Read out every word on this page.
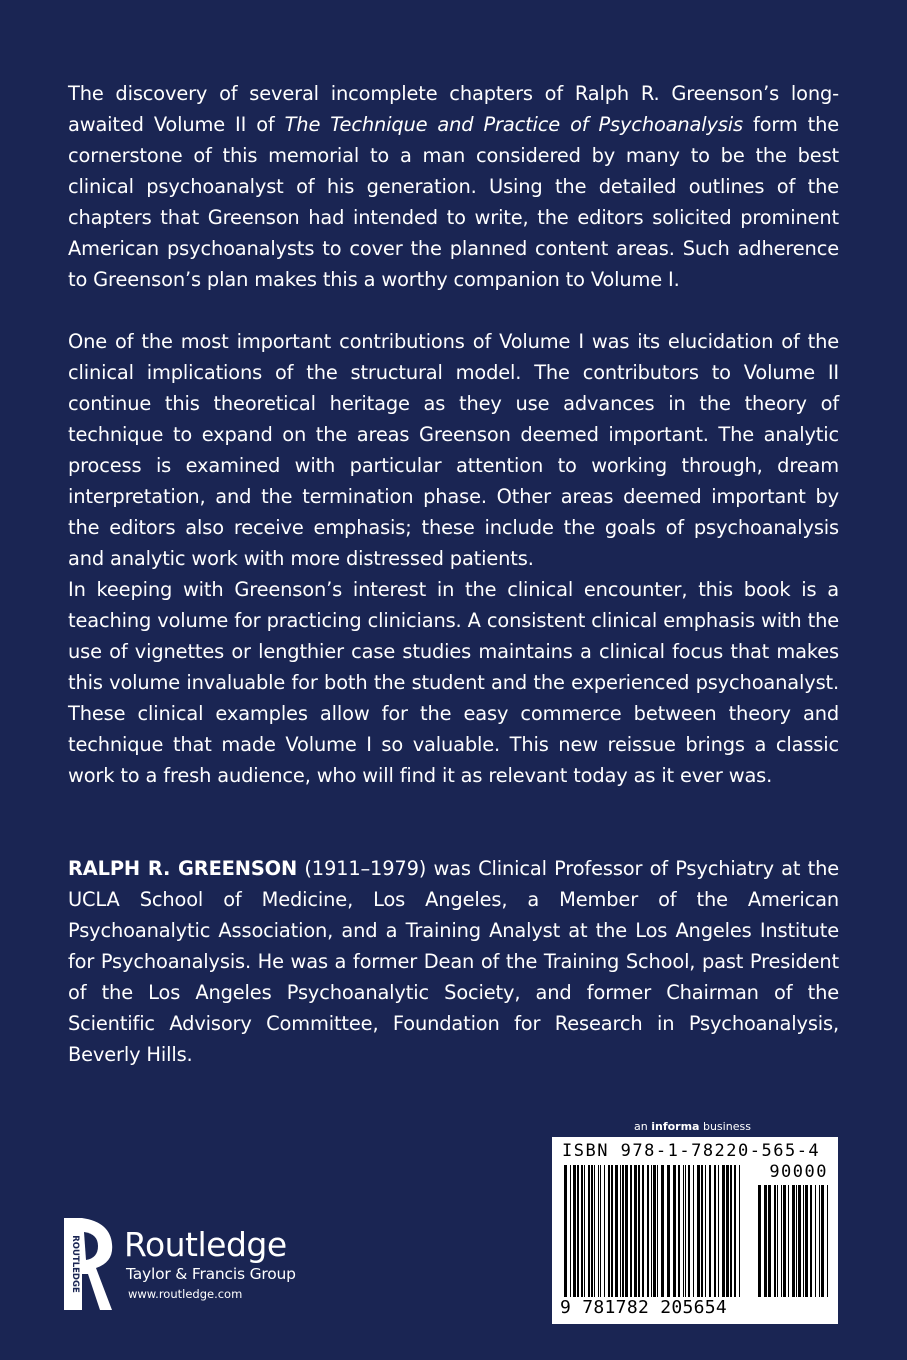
The discovery of several incomplete chapters of Ralph R. Greenson’s long-awaited Volume II of The Technique and Practice of Psychoanalysis form the cornerstone of this memorial to a man considered by many to be the best clinical psychoanalyst of his generation. Using the detailed outlines of the chapters that Greenson had intended to write, the editors solicited prominent American psychoanalysts to cover the planned content areas. Such adherence to Greenson’s plan makes this a worthy companion to Volume I.

One of the most important contributions of Volume I was its elucidation of the clinical implications of the structural model. The contributors to Volume II continue this theoretical heritage as they use advances in the theory of technique to expand on the areas Greenson deemed important. The analytic process is examined with particular attention to working through, dream interpretation, and the termination phase. Other areas deemed important by the editors also receive emphasis; these include the goals of psychoanalysis and analytic work with more distressed patients.

In keeping with Greenson’s interest in the clinical encounter, this book is a teaching volume for practicing clinicians. A consistent clinical emphasis with the use of vignettes or lengthier case studies maintains a clinical focus that makes this volume invaluable for both the student and the experienced psychoanalyst. These clinical examples allow for the easy commerce between theory and technique that made Volume I so valuable. This new reissue brings a classic work to a fresh audience, who will find it as relevant today as it ever was.

RALPH R. GREENSON (1911–1979) was Clinical Professor of Psychiatry at the UCLA School of Medicine, Los Angeles, a Member of the American Psychoanalytic Association, and a Training Analyst at the Los Angeles Institute for Psychoanalysis. He was a former Dean of the Training School, past President of the Los Angeles Psychoanalytic Society, and former Chairman of the Scientific Advisory Committee, Foundation for Research in Psychoanalysis, Beverly Hills.

an informa business
ISBN 978-1-78220-565-4
90000
9 781782 205654
ROUTLEDGE Routledge
Taylor & Francis Group
www.routledge.com
